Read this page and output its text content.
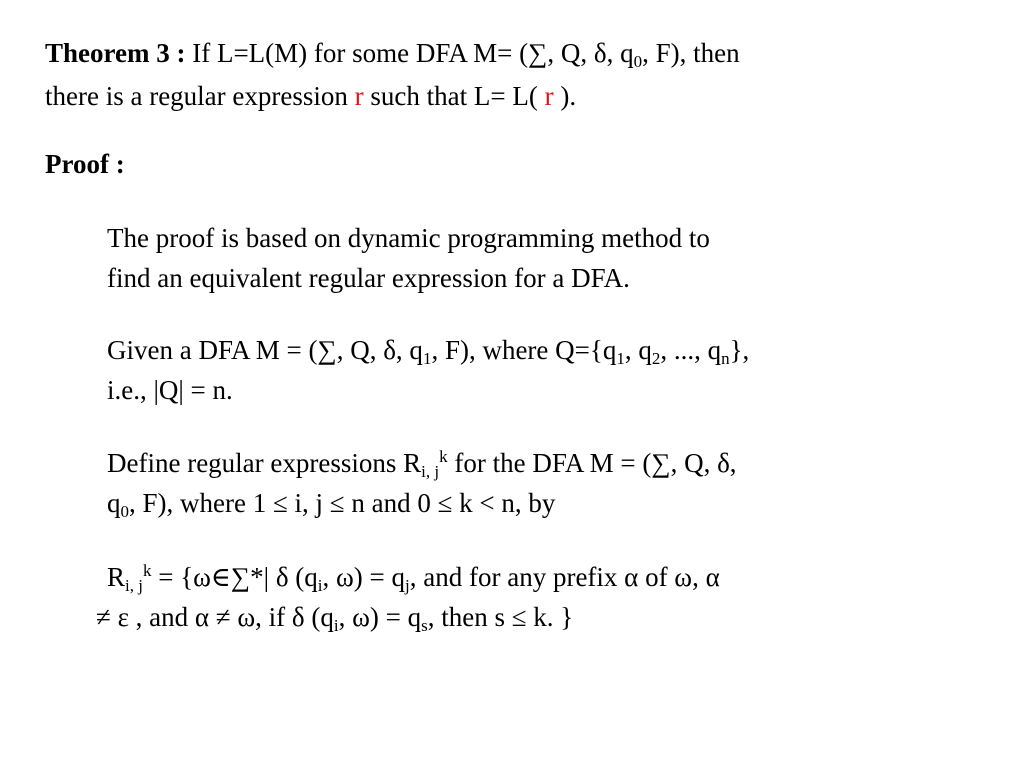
Theorem 3 : If L=L(M) for some DFA M= (∑, Q, δ, $q_0$, F), then
there is a regular expression r such that L= L( r ).
Proof :
The proof is based on dynamic programming method to
find an equivalent regular expression for a DFA.
Given a DFA M = (∑, Q, δ, $q_1$, F), where $Q=\{q_1$, $q_2$, ..., $q_n$},
i.e., |Q| = n.
Define regular expressions $R_{i, j}^k$ for the DFA M = (∑, Q, δ,
$q_0$, F), where 1 ≤ i, j ≤ n and 0 ≤ k < n, by
$R_{i, j}^k$ = {ω∈∑*| δ ($q_i$, $\omega) = q_j$, and for any prefix α of ω, α
≠ ε , and α ≠ ω, if δ ($q_i$, $\omega) = q_s$, then s ≤ k. }
